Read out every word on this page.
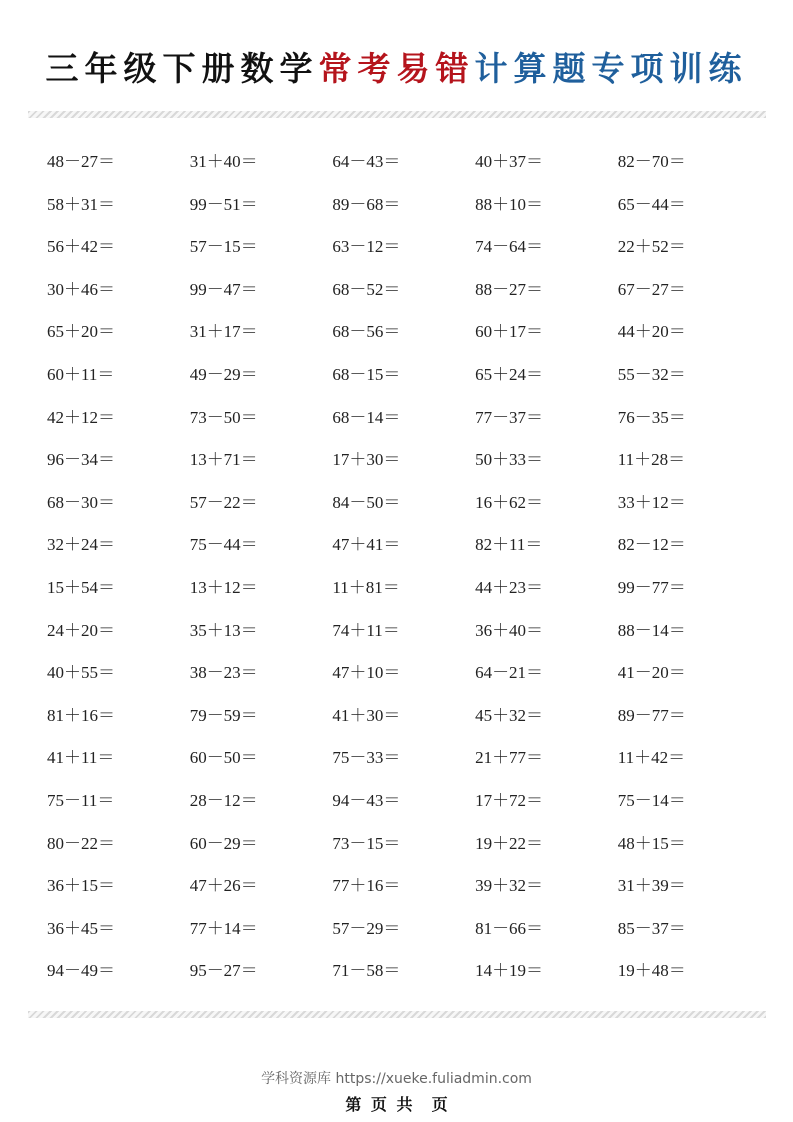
三年级下册数学常考易错计算题专项训练
48－27＝	31＋40＝	64－43＝	40＋37＝	82－70＝
58＋31＝	99－51＝	89－68＝	88＋10＝	65－44＝
56＋42＝	57－15＝	63－12＝	74－64＝	22＋52＝
30＋46＝	99－47＝	68－52＝	88－27＝	67－27＝
65＋20＝	31＋17＝	68－56＝	60＋17＝	44＋20＝
60＋11＝	49－29＝	68－15＝	65＋24＝	55－32＝
42＋12＝	73－50＝	68－14＝	77－37＝	76－35＝
96－34＝	13＋71＝	17＋30＝	50＋33＝	11＋28＝
68－30＝	57－22＝	84－50＝	16＋62＝	33＋12＝
32＋24＝	75－44＝	47＋41＝	82＋11＝	82－12＝
15＋54＝	13＋12＝	11＋81＝	44＋23＝	99－77＝
24＋20＝	35＋13＝	74＋11＝	36＋40＝	88－14＝
40＋55＝	38－23＝	47＋10＝	64－21＝	41－20＝
81＋16＝	79－59＝	41＋30＝	45＋32＝	89－77＝
41＋11＝	60－50＝	75－33＝	21＋77＝	11＋42＝
75－11＝	28－12＝	94－43＝	17＋72＝	75－14＝
80－22＝	60－29＝	73－15＝	19＋22＝	48＋15＝
36＋15＝	47＋26＝	77＋16＝	39＋32＝	31＋39＝
36＋45＝	77＋14＝	57－29＝	81－66＝	85－37＝
94－49＝	95－27＝	71－58＝	14＋19＝	19＋48＝
学科资源库 https://xueke.fuliadmin.com
第 页 共  页
